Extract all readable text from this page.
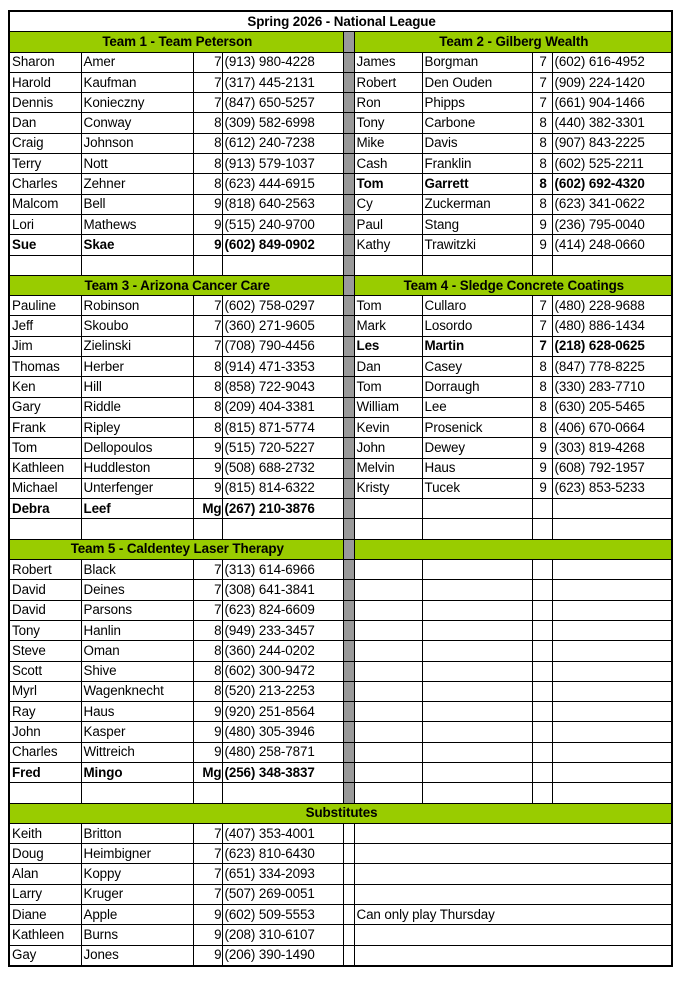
Spring 2026 - National League								
Team 1 - Team Peterson					Team 2 - Gilberg Wealth			
Sharon	Amer	7	(913) 980-4228		James	Borgman	7	(602) 616-4952
Harold	Kaufman	7	(317) 445-2131		Robert	Den Ouden	7	(909) 224-1420
Dennis	Konieczny	7	(847) 650-5257		Ron	Phipps	7	(661) 904-1466
Dan	Conway	8	(309) 582-6998		Tony	Carbone	8	(440) 382-3301
Craig	Johnson	8	(612) 240-7238		Mike	Davis	8	(907) 843-2225
Terry	Nott	8	(913) 579-1037		Cash	Franklin	8	(602) 525-2211
Charles	Zehner	8	(623) 444-6915		Tom	Garrett	8	(602) 692-4320
Malcom	Bell	9	(818) 640-2563		Cy	Zuckerman	8	(623) 341-0622
Lori	Mathews	9	(515) 240-9700		Paul	Stang	9	(236) 795-0040
Sue	Skae	9	(602) 849-0902		Kathy	Trawitzki	9	(414) 248-0660

Team 3 - Arizona Cancer Care					Team 4 - Sledge Concrete Coatings			
Pauline	Robinson	7	(602) 758-0297		Tom	Cullaro	7	(480) 228-9688
Jeff	Skoubo	7	(360) 271-9605		Mark	Losordo	7	(480) 886-1434
Jim	Zielinski	7	(708) 790-4456		Les	Martin	7	(218) 628-0625
Thomas	Herber	8	(914) 471-3353		Dan	Casey	8	(847) 778-8225
Ken	Hill	8	(858) 722-9043		Tom	Dorraugh	8	(330) 283-7710
Gary	Riddle	8	(209) 404-3381		William	Lee	8	(630) 205-5465
Frank	Ripley	8	(815) 871-5774		Kevin	Prosenick	8	(406) 670-0664
Tom	Dellopoulos	9	(515) 720-5227		John	Dewey	9	(303) 819-4268
Kathleen	Huddleston	9	(508) 688-2732		Melvin	Haus	9	(608) 792-1957
Michael	Unterfenger	9	(815) 814-6322		Kristy	Tucek	9	(623) 853-5233
Debra	Leef	Mg	(267) 210-3876					

Team 5 - Caldentey Laser Therapy								
Robert	Black	7	(313) 614-6966					
David	Deines	7	(308) 641-3841					
David	Parsons	7	(623) 824-6609					
Tony	Hanlin	8	(949) 233-3457					
Steve	Oman	8	(360) 244-0202					
Scott	Shive	8	(602) 300-9472					
Myrl	Wagenknecht	8	(520) 213-2253					
Ray	Haus	9	(920) 251-8564					
John	Kasper	9	(480) 305-3946					
Charles	Wittreich	9	(480) 258-7871					
Fred	Mingo	Mg	(256) 348-3837					

Substitutes								
Keith	Britton	7	(407) 353-4001					
Doug	Heimbigner	7	(623) 810-6430					
Alan	Koppy	7	(651) 334-2093					
Larry	Kruger	7	(507) 269-0051					
Diane	Apple	9	(602) 509-5553		Can only play Thursday			
Kathleen	Burns	9	(208) 310-6107					
Gay	Jones	9	(206) 390-1490					
